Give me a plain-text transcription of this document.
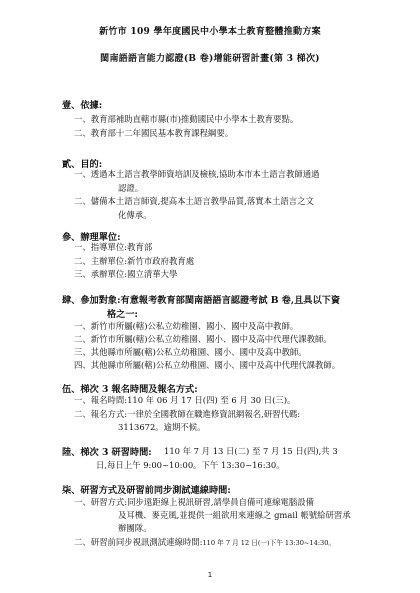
新竹市 109 學年度國民中小學本土教育整體推動方案
閩南語語言能力認證(B 卷)增能研習計畫(第 3 梯次)
壹、依據:
一、教育部補助直轄市縣(市)推動國民中小學本土教育要點。
二、教育部十二年國民基本教育課程綱要。
貳、目的:
一、透過本土語言教學師資培訓及檢核,協助本市本土語言教師通過
認證。
二、儲備本土語言師資,提高本土語言教學品質,落實本土語言之文
化傳承。
參、辦理單位:
一、指導單位:教育部
二、主辦單位:新竹市政府教育處
三、承辦單位:國立清華大學
肆、參加對象:有意報考教育部閩南語語言認證考試 B 卷,且具以下資
格之一:
一、新竹市所屬(轄)公私立幼稚園、國小、國中及高中教師。
二、新竹市所屬(轄)公私立幼稚園、國小、國中及高中代理代課教師。
三、其他縣市所屬(轄)公私立幼稚園、國小、國中及高中教師。
四、其他縣市所屬(轄)公私立幼稚園、國小、國中及高中代理代課教師。
伍、梯次 3 報名時間及報名方式:
一、報名時間:110 年 06 月 17 日(四) 至 6 月 30 日(三)。
二、報名方式:一律於全國教師在職進修資訊網報名,研習代碼:
3113672。逾期不候。
陸、梯次 3 研習時間: 110 年 7 月 13 日(二) 至 7 月 15 日(四),共 3
日,每日上午 9:00~10:00。下午 13:30~16:30。
柒、研習方式及研習前同步測試連線時間:
一、研習方式:同步遠距線上視訊研習,請學員自備可連線電腦設備
及耳機、麥克風,並提供一組欲用來連線之 gmail 帳號給研習承
辦團隊。
二、研習前同步視訊測試連線時間:110 年 7 月 12 日(一)下午 13:30~14:30。
1
